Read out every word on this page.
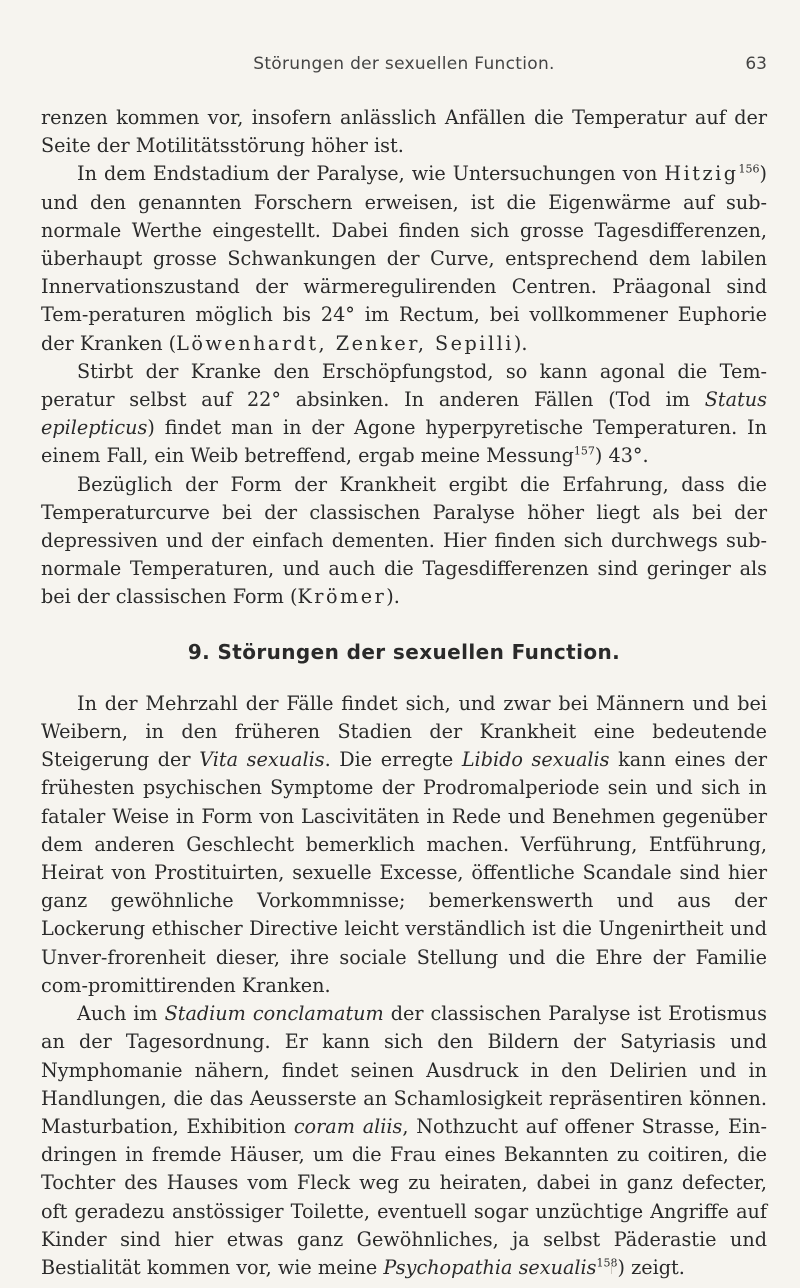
Störungen der sexuellen Function.	63

renzen kommen vor, insofern anlässlich Anfällen die Temperatur auf der Seite der Motilitätsstörung höher ist.

In dem Endstadium der Paralyse, wie Untersuchungen von Hitzig$^{156}$) und den genannten Forschern erweisen, ist die Eigenwärme auf sub-normale Werthe eingestellt. Dabei finden sich grosse Tagesdifferenzen, überhaupt grosse Schwankungen der Curve, entsprechend dem labilen Innervationszustand der wärmeregulirenden Centren. Präagonal sind Tem-peraturen möglich bis 24° im Rectum, bei vollkommener Euphorie der Kranken (Löwenhardt, Zenker, Sepilli).

Stirbt der Kranke den Erschöpfungstod, so kann agonal die Tem-peratur selbst auf 22° absinken. In anderen Fällen (Tod im Status epilepticus) findet man in der Agone hyperpyretische Temperaturen. In einem Fall, ein Weib betreffend, ergab meine Messung$^{157}$) 43°.

Bezüglich der Form der Krankheit ergibt die Erfahrung, dass die Temperaturcurve bei der classischen Paralyse höher liegt als bei der depressiven und der einfach dementen. Hier finden sich durchwegs sub-normale Temperaturen, und auch die Tagesdifferenzen sind geringer als bei der classischen Form (Krömer).

9. Störungen der sexuellen Function.

In der Mehrzahl der Fälle findet sich, und zwar bei Männern und bei Weibern, in den früheren Stadien der Krankheit eine bedeutende Steigerung der Vita sexualis. Die erregte Libido sexualis kann eines der frühesten psychischen Symptome der Prodromalperiode sein und sich in fataler Weise in Form von Lascivitäten in Rede und Benehmen gegenüber dem anderen Geschlecht bemerklich machen. Verführung, Entführung, Heirat von Prostituirten, sexuelle Excesse, öffentliche Scandale sind hier ganz gewöhnliche Vorkommnisse; bemerkenswerth und aus der Lockerung ethischer Directive leicht verständlich ist die Ungenirtheit und Unver-frorenheit dieser, ihre sociale Stellung und die Ehre der Familie com-promittirenden Kranken.

Auch im Stadium conclamatum der classischen Paralyse ist Erotismus an der Tagesordnung. Er kann sich den Bildern der Satyriasis und Nymphomanie nähern, findet seinen Ausdruck in den Delirien und in Handlungen, die das Aeusserste an Schamlosigkeit repräsentiren können. Masturbation, Exhibition coram aliis, Nothzucht auf offener Strasse, Ein-dringen in fremde Häuser, um die Frau eines Bekannten zu coitiren, die Tochter des Hauses vom Fleck weg zu heiraten, dabei in ganz defecter, oft geradezu anstössiger Toilette, eventuell sogar unzüchtige Angriffe auf Kinder sind hier etwas ganz Gewöhnliches, ja selbst Päderastie und Bestialität kommen vor, wie meine Psychopathia sexualis$^{158}$) zeigt.
